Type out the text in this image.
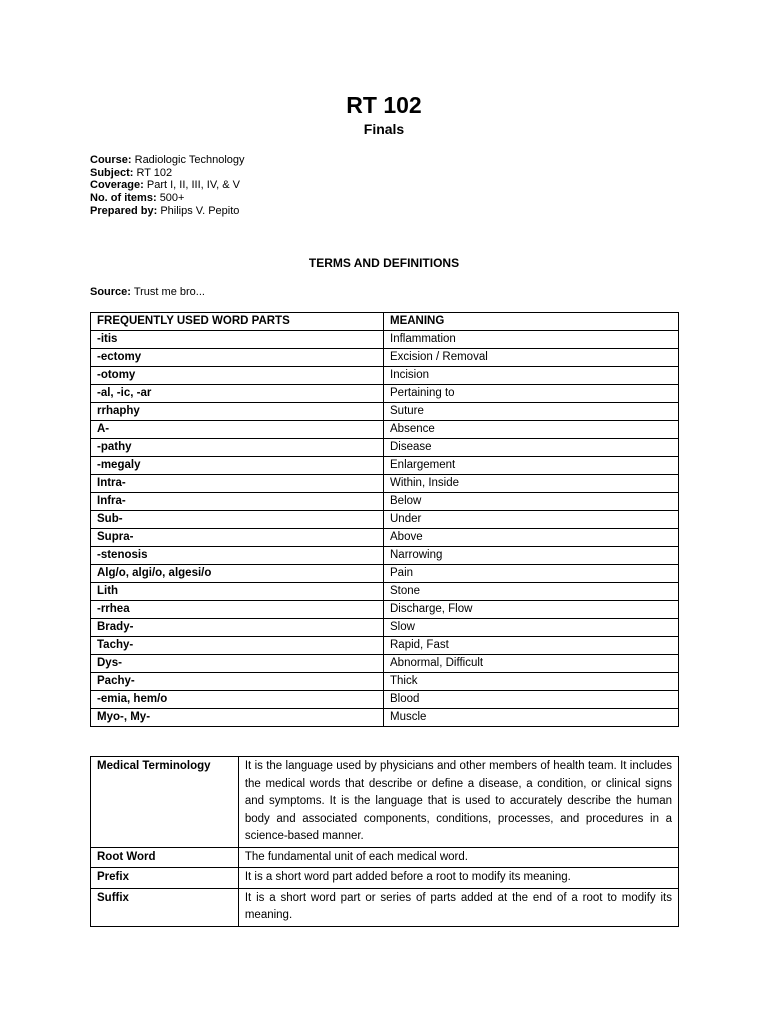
RT 102
Finals
Course: Radiologic Technology
Subject: RT 102
Coverage: Part I, II, III, IV, & V
No. of items: 500+
Prepared by: Philips V. Pepito
TERMS AND DEFINITIONS
Source: Trust me bro...
FREQUENTLY USED WORD PARTS	MEANING
-itis	Inflammation
-ectomy	Excision / Removal
-otomy	Incision
-al, -ic, -ar	Pertaining to
rrhaphy	Suture
A-	Absence
-pathy	Disease
-megaly	Enlargement
Intra-	Within, Inside
Infra-	Below
Sub-	Under
Supra-	Above
-stenosis	Narrowing
Alg/o, algi/o, algesi/o	Pain
Lith	Stone
-rrhea	Discharge, Flow
Brady-	Slow
Tachy-	Rapid, Fast
Dys-	Abnormal, Difficult
Pachy-	Thick
-emia, hem/o	Blood
Myo-, My-	Muscle
Medical Terminology	It is the language used by physicians and other members of health team. It includes the medical words that describe or define a disease, a condition, or clinical signs and symptoms. It is the language that is used to accurately describe the human body and associated components, conditions, processes, and procedures in a science-based manner.
Root Word	The fundamental unit of each medical word.
Prefix	It is a short word part added before a root to modify its meaning.
Suffix	It is a short word part or series of parts added at the end of a root to modify its meaning.
